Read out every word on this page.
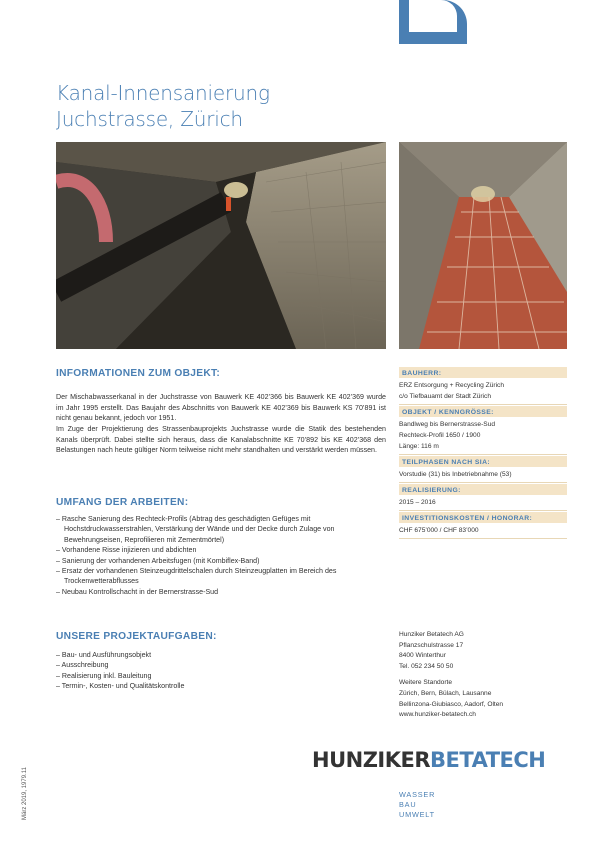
Kanal-Innensanierung
Juchstrasse, Zürich
INFORMATIONEN ZUM OBJEKT:
Der Mischabwasserkanal in der Juchstrasse von Bauwerk KE 402’366 bis Bauwerk KE 402’369 wurde im Jahr 1995 erstellt. Das Baujahr des Abschnitts von Bauwerk KE 402’369 bis Bauwerk KS 70’891 ist nicht genau bekannt, jedoch vor 1951.
Im Zuge der Projektierung des Strassenbauprojekts Juchstrasse wurde die Statik des bestehenden Kanals überprüft. Dabei stellte sich heraus, dass die Kanalabschnitte KE 70’892 bis KE 402’368 den Belastungen nach heute gültiger Norm teilweise nicht mehr standhalten und verstärkt werden müssen.
UMFANG DER ARBEITEN:
– Rasche Sanierung des Rechteck-Profils (Abtrag des geschädigten Gefüges mit Hochstdruckwasserstrahlen, Verstärkung der Wände und der Decke durch Zulage von Bewehrungseisen, Reprofilieren mit Zementmörtel)
– Vorhandene Risse injizieren und abdichten
– Sanierung der vorhandenen Arbeitsfugen (mit Kombiflex-Band)
– Ersatz der vorhandenen Steinzeugdrittelschalen durch Steinzeugplatten im Bereich des Trockenwetterabflusses
– Neubau Kontrollschacht in der Bernerstrasse-Sud
UNSERE PROJEKTAUFGABEN:
– Bau- und Ausführungsobjekt
– Ausschreibung
– Realisierung inkl. Bauleitung
– Termin-, Kosten- und Qualitätskontrolle
BAUHERR:
ERZ Entsorgung + Recycling Zürich
c/o Tiefbauamt der Stadt Zürich
OBJEKT / KENNGRÖSSE:
Bandlweg bis Bernerstrasse-Sud
Rechteck-Profil 1650 / 1900
Länge: 116 m
TEILPHASEN NACH SIA:
Vorstudie (31) bis Inbetriebnahme (53)
REALISIERUNG:
2015 – 2016
INVESTITIONSKOSTEN / HONORAR:
CHF 675’000 / CHF 83’000
Hunziker Betatech AG
Pflanzschulstrasse 17
8400 Winterthur
Tel. 052 234 50 50
Weitere Standorte
Zürich, Bern, Bülach, Lausanne
Bellinzona-Giubiasco, Aadorf, Olten
www.hunziker-betatech.ch
HUNZIKERBETATECH
WASSER
BAU
UMWELT
März 2019, 1979.11
